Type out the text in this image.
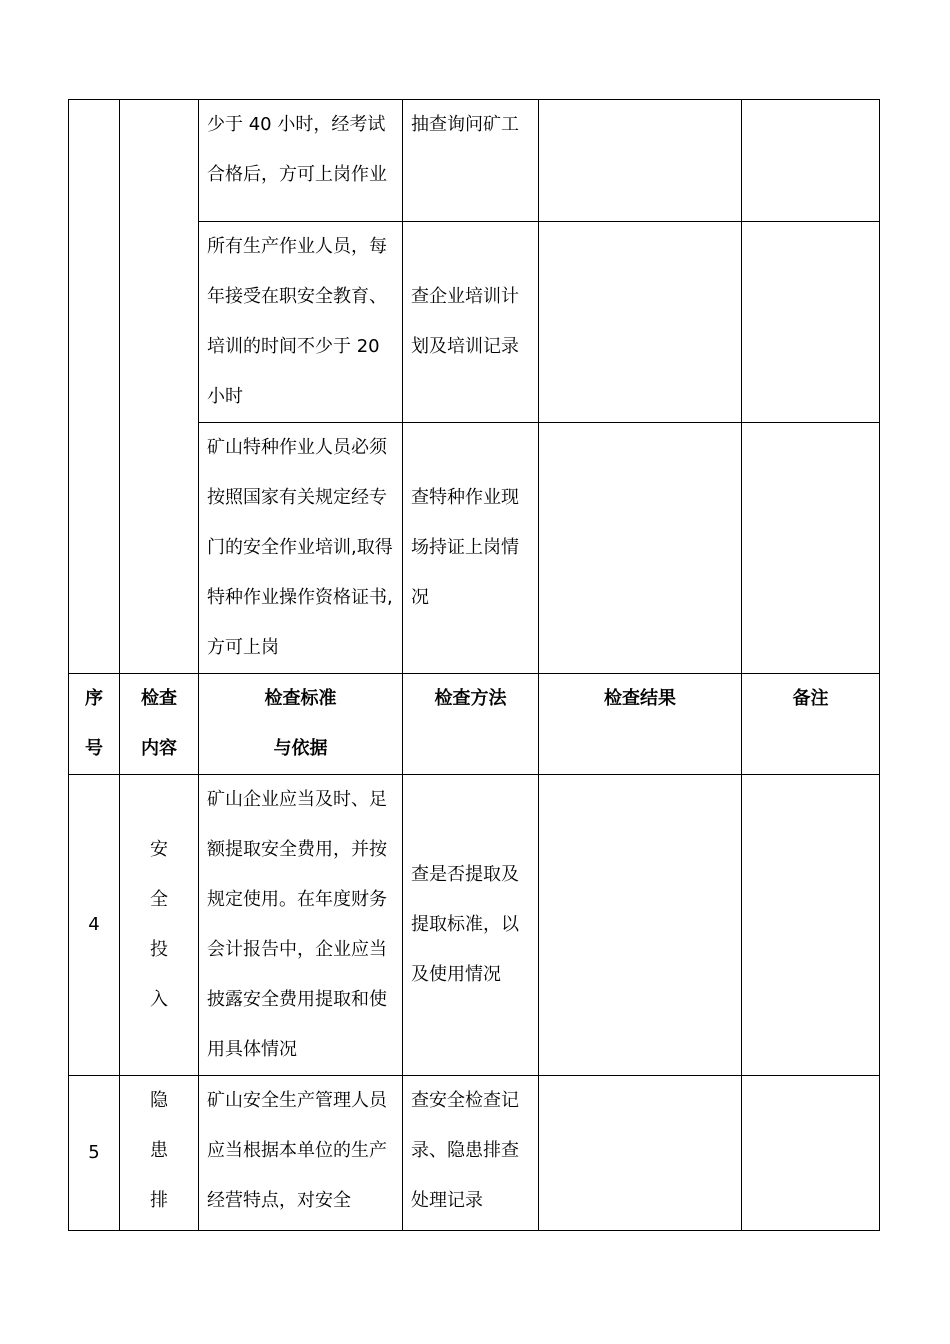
		少于 40 小时，经考试合格后，方可上岗作业	抽查询问矿工		

		所有生产作业人员，每年接受在职安全教育、培训的时间不少于 20 小时	查企业培训计划及培训记录		

		矿山特种作业人员必须按照国家有关规定经专门的安全作业培训,取得特种作业操作资格证书,方可上岗	查特种作业现场持证上岗情况		

序号	检查内容	检查标准与依据	检查方法	检查结果	备注
4	安全投入	矿山企业应当及时、足额提取安全费用，并按规定使用。在年度财务会计报告中，企业应当披露安全费用提取和使用具体情况	查是否提取及提取标准，以及使用情况		

5	隐患排	矿山安全生产管理人员应当根据本单位的生产经营特点，对安全	查安全检查记录、隐患排查处理记录		
